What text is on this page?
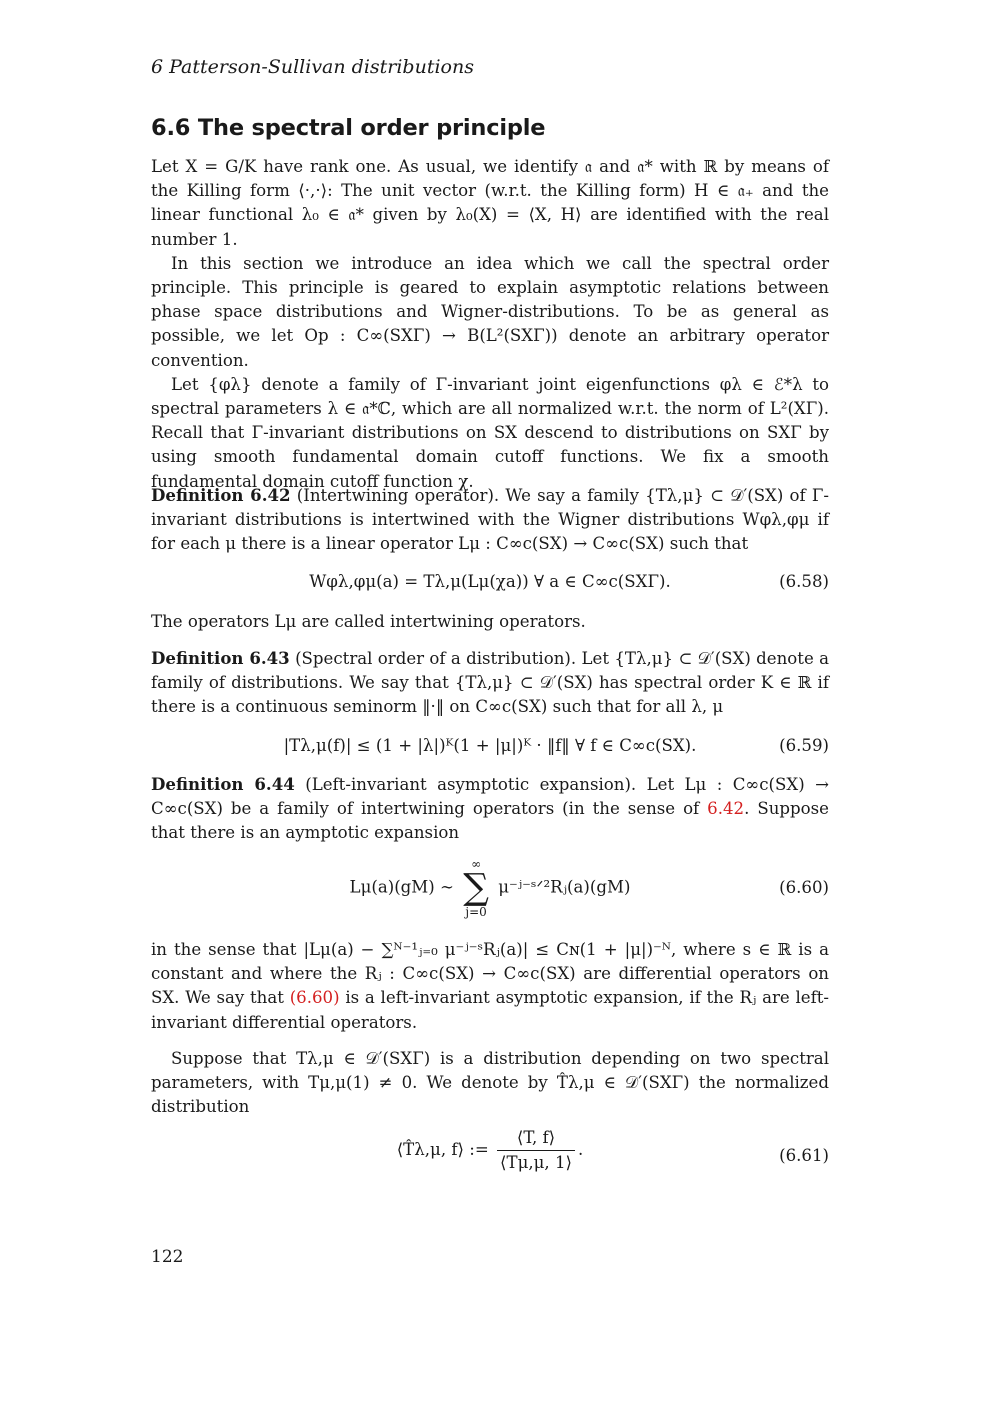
6 Patterson-Sullivan distributions
6.6 The spectral order principle

Let X = G/K have rank one. As usual, we identify 𝔞 and 𝔞* with ℝ by means of the Killing form ⟨·,·⟩: The unit vector (w.r.t. the Killing form) H ∈ 𝔞₊ and the linear functional λ₀ ∈ 𝔞* given by λ₀(X) = ⟨X, H⟩ are identified with the real number 1.

In this section we introduce an idea which we call the spectral order principle. This principle is geared to explain asymptotic relations between phase space distributions and Wigner-distributions. To be as general as possible, we let Op : C∞(SXΓ) → B(L²(SXΓ)) denote an arbitrary operator convention.

Let {φλ} denote a family of Γ-invariant joint eigenfunctions φλ ∈ ℰ*λ to spectral parameters λ ∈ 𝔞*ℂ, which are all normalized w.r.t. the norm of L²(XΓ). Recall that Γ-invariant distributions on SX descend to distributions on SXΓ by using smooth fundamental domain cutoff functions. We fix a smooth fundamental domain cutoff function χ.

Definition 6.42 (Intertwining operator). We say a family {Tλ,μ} ⊂ 𝒟′(SX) of Γ-invariant distributions is intertwined with the Wigner distributions Wφλ,φμ if for each μ there is a linear operator Lμ : C∞c(SX) → C∞c(SX) such that

Wφλ,φμ(a) = Tλ,μ(Lμ(χa)) ∀ a ∈ C∞c(SXΓ).	(6.58)

The operators Lμ are called intertwining operators.

Definition 6.43 (Spectral order of a distribution). Let {Tλ,μ} ⊂ 𝒟′(SX) denote a family of distributions. We say that {Tλ,μ} ⊂ 𝒟′(SX) has spectral order K ∈ ℝ if there is a continuous seminorm ‖·‖ on C∞c(SX) such that for all λ, μ

|Tλ,μ(f)| ≤ (1 + |λ|)ᴷ(1 + |μ|)ᴷ · ‖f‖ ∀ f ∈ C∞c(SX).	(6.59)

Definition 6.44 (Left-invariant asymptotic expansion). Let Lμ : C∞c(SX) → C∞c(SX) be a family of intertwining operators (in the sense of 6.42. Suppose that there is an aymptotic expansion

Lμ(a)(gM) ∼
∞
∑
j=0
μ⁻ʲ⁻ˢᐟ²Rⱼ(a)(gM)	(6.60)

in the sense that |Lμ(a) − ∑ᴺ⁻¹ⱼ₌₀ μ⁻ʲ⁻ˢRⱼ(a)| ≤ Cɴ(1 + |μ|)⁻ᴺ, where s ∈ ℝ is a constant and where the Rⱼ : C∞c(SX) → C∞c(SX) are differential operators on SX. We say that (6.60) is a left-invariant asymptotic expansion, if the Rⱼ are left-invariant differential operators.

Suppose that Tλ,μ ∈ 𝒟′(SXΓ) is a distribution depending on two spectral parameters, with Tμ,μ(1) ≠ 0. We denote by T̂λ,μ ∈ 𝒟′(SXΓ) the normalized distribution

⟨T̂λ,μ, f⟩ := $\frac{⟨T, f⟩}{⟨T\mu,\mu, 1⟩}$ .	(6.61)
122
